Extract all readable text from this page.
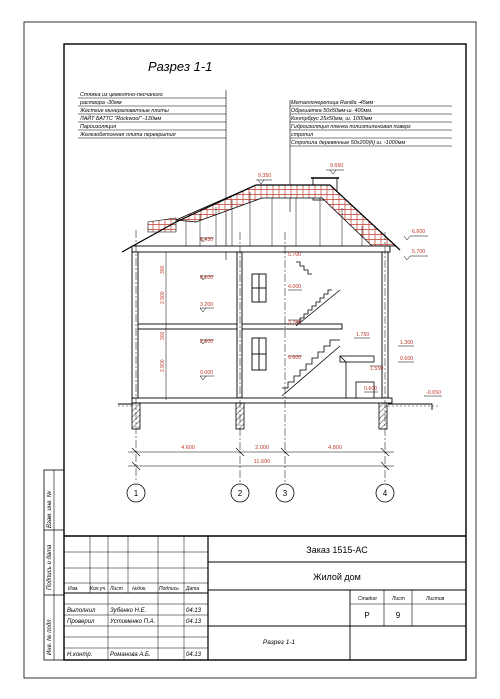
Взам. инв. №
Подпись и дата
Инв. № подл.
Разрез 1-1
Стяжка из цементно-песчаного
раствора -30мм
Жесткие минераловатные плиты
ЛАЙТ БАТТС "Rockwool" -130мм
Пароизоляция
Железобетонная плита перекрытия
Металлочерепица Ranilla -45мм
Обрешетка 50х50мм-ш. 400мм.
Контрбрус 25х50мм, ш. 1000мм
Гидроизоляция пленка полиэтиленовая поверх
стропил
Стропила деревянные 50х200(h) ш. -1000мм
1	2	3	4
4.600	2.000	4.800
11.600
300
2.900
300
2.900
9.650
9.350
6.600
5.700
6.430
6.100
3.200
2.900
0.000
5.700
4.000
3.200
1.750
1.550
0.600
0.600
1.300
0.600
-0.650
Изм. Кол.уч. Лист №док. Подпись Дата
Выполнил Зубенко Н.Е.	04.13
Проверил	Устименко П.А.	04.13
Н.контр.	Романова А.Б.	04.13
Заказ 1515-АС
Жилой дом
Разрез 1-1
Стадия	Лист	Листов
Р	9
